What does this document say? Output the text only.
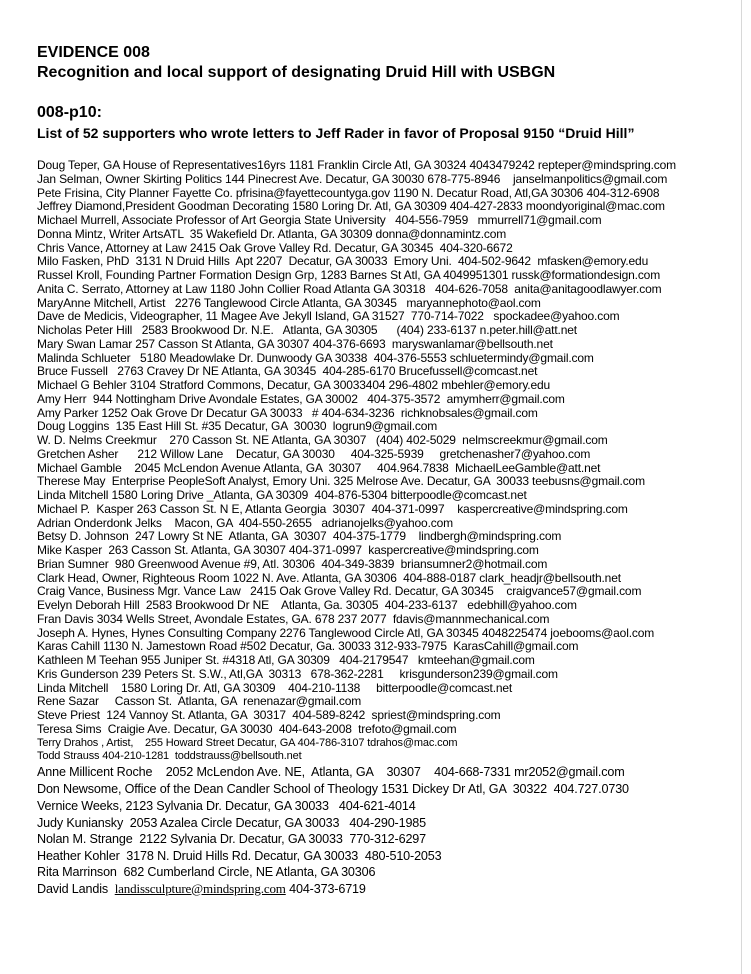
EVIDENCE 008

Recognition and local support of designating Druid Hill with USBGN

008-p10:

List of 52 supporters who wrote letters to Jeff Rader in favor of Proposal 9150 “Druid Hill”

Doug Teper, GA House of Representatives16yrs 1181 Franklin Circle Atl, GA 30324 4043479242 repteper@mindspring.com
Jan Selman, Owner Skirting Politics 144 Pinecrest Ave. Decatur, GA 30030 678-775-8946    janselmanpolitics@gmail.com
Pete Frisina, City Planner Fayette Co. pfrisina@fayettecountyga.gov 1190 N. Decatur Road, Atl,GA 30306 404-312-6908
Jeffrey Diamond,President Goodman Decorating 1580 Loring Dr. Atl, GA 30309 404-427-2833 moondyoriginal@mac.com
Michael Murrell, Associate Professor of Art Georgia State University   404-556-7959   mmurrell71@gmail.com
Donna Mintz, Writer ArtsATL  35 Wakefield Dr. Atlanta, GA 30309 donna@donnamintz.com
Chris Vance, Attorney at Law 2415 Oak Grove Valley Rd. Decatur, GA 30345  404-320-6672
Milo Fasken, PhD  3131 N Druid Hills  Apt 2207  Decatur, GA 30033  Emory Uni.  404-502-9642  mfasken@emory.edu
Russel Kroll, Founding Partner Formation Design Grp, 1283 Barnes St Atl, GA 4049951301 russk@formationdesign.com
Anita C. Serrato, Attorney at Law 1180 John Collier Road Atlanta GA 30318   404-626-7058  anita@anitagoodlawyer.com
MaryAnne Mitchell, Artist   2276 Tanglewood Circle Atlanta, GA 30345   maryannephoto@aol.com
Dave de Medicis, Videographer, 11 Magee Ave Jekyll Island, GA 31527  770-714-7022   spockadee@yahoo.com
Nicholas Peter Hill   2583 Brookwood Dr. N.E.   Atlanta, GA 30305      (404) 233-6137 n.peter.hill@att.net
Mary Swan Lamar 257 Casson St Atlanta, GA 30307 404-376-6693  maryswanlamar@bellsouth.net
Malinda Schlueter   5180 Meadowlake Dr. Dunwoody GA 30338  404-376-5553 schluetermindy@gmail.com
Bruce Fussell   2763 Cravey Dr NE Atlanta, GA 30345  404-285-6170 Brucefussell@comcast.net
Michael G Behler 3104 Stratford Commons, Decatur, GA 30033404 296-4802 mbehler@emory.edu
Amy Herr  944 Nottingham Drive Avondale Estates, GA 30002   404-375-3572  amymherr@gmail.com
Amy Parker 1252 Oak Grove Dr Decatur GA 30033   # 404-634-3236  richknobsales@gmail.com
Doug Loggins  135 East Hill St. #35 Decatur, GA  30030  logrun9@gmail.com
W. D. Nelms Creekmur    270 Casson St. NE Atlanta, GA 30307   (404) 402-5029  nelmscreekmur@gmail.com
Gretchen Asher      212 Willow Lane    Decatur, GA 30030     404-325-5939     gretchenasher7@yahoo.com
Michael Gamble    2045 McLendon Avenue Atlanta, GA  30307     404.964.7838  MichaelLeeGamble@att.net
Therese May  Enterprise PeopleSoft Analyst, Emory Uni. 325 Melrose Ave. Decatur, GA  30033 teebusns@gmail.com
Linda Mitchell 1580 Loring Drive _Atlanta, GA 30309  404-876-5304 bitterpoodle@comcast.net
Michael P.  Kasper 263 Casson St. N E, Atlanta Georgia  30307  404-371-0997    kaspercreative@mindspring.com
Adrian Onderdonk Jelks    Macon, GA  404-550-2655   adrianojelks@yahoo.com
Betsy D. Johnson  247 Lowry St NE  Atlanta, GA  30307  404-375-1779    lindbergh@mindspring.com
Mike Kasper  263 Casson St. Atlanta, GA 30307 404-371-0997  kaspercreative@mindspring.com
Brian Sumner  980 Greenwood Avenue #9, Atl. 30306  404-349-3839  briansumner2@hotmail.com
Clark Head, Owner, Righteous Room 1022 N. Ave. Atlanta, GA 30306  404-888-0187 clark_headjr@bellsouth.net
Craig Vance, Business Mgr. Vance Law   2415 Oak Grove Valley Rd. Decatur, GA 30345    craigvance57@gmail.com
Evelyn Deborah Hill  2583 Brookwood Dr NE    Atlanta, Ga. 30305  404-233-6137   edebhill@yahoo.com
Fran Davis 3034 Wells Street, Avondale Estates, GA. 678 237 2077  fdavis@mannmechanical.com
Joseph A. Hynes, Hynes Consulting Company 2276 Tanglewood Circle Atl, GA 30345 4048225474 joebooms@aol.com
Karas Cahill 1130 N. Jamestown Road #502 Decatur, Ga. 30033 312-933-7975  KarasCahill@gmail.com
Kathleen M Teehan 955 Juniper St. #4318 Atl, GA 30309   404-2179547   kmteehan@gmail.com
Kris Gunderson 239 Peters St. S.W., Atl,GA  30313   678-362-2281     krisgunderson239@gmail.com
Linda Mitchell    1580 Loring Dr. Atl, GA 30309    404-210-1138     bitterpoodle@comcast.net
Rene Sazar     Casson St.  Atlanta, GA  renenazar@gmail.com
Steve Priest  124 Vannoy St. Atlanta, GA  30317  404-589-8242  spriest@mindspring.com
Teresa Sims  Craigie Ave. Decatur, GA 30030  404-643-2008  trefoto@gmail.com
Terry Drahos , Artist,    255 Howard Street Decatur, GA 404-786-3107 tdrahos@mac.com
Todd Strauss 404-210-1281  toddstrauss@bellsouth.net
Anne Millicent Roche    2052 McLendon Ave. NE,  Atlanta, GA    30307    404-668-7331 mr2052@gmail.com
Don Newsome, Office of the Dean Candler School of Theology 1531 Dickey Dr Atl, GA  30322  404.727.0730
Vernice Weeks, 2123 Sylvania Dr. Decatur, GA 30033   404-621-4014
Judy Kuniansky  2053 Azalea Circle Decatur, GA 30033   404-290-1985
Nolan M. Strange  2122 Sylvania Dr. Decatur, GA 30033  770-312-6297
Heather Kohler  3178 N. Druid Hills Rd. Decatur, GA 30033  480-510-2053
Rita Marrinson  682 Cumberland Circle, NE Atlanta, GA 30306
David Landis landissculpture@mindspring.com 404-373-6719
